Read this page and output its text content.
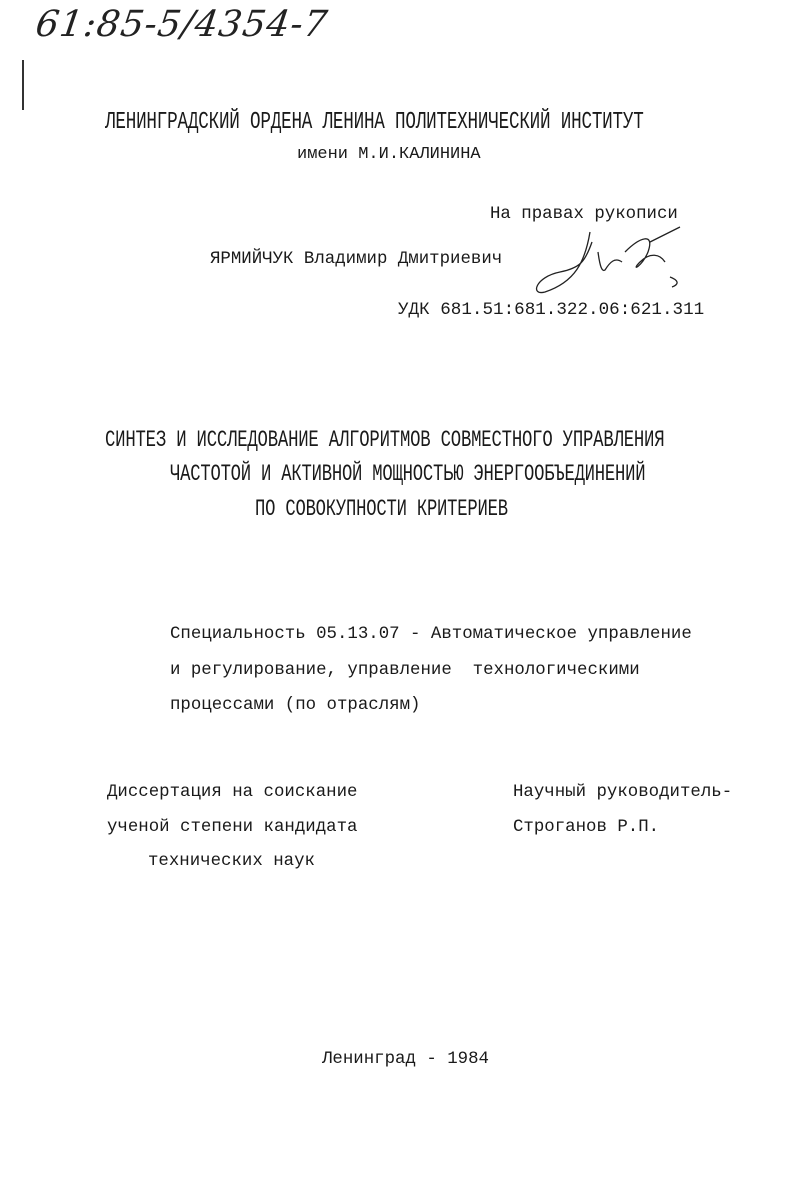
61:85-5/4354-7
ЛЕНИНГРАДСКИЙ ОРДЕНА ЛЕНИНА ПОЛИТЕХНИЧЕСКИЙ ИНСТИТУТ
имени М.И.КАЛИНИНА
На правах рукописи
ЯРМИЙЧУК Владимир Дмитриевич
УДК 681.51:681.322.06:621.311
СИНТЕЗ И ИССЛЕДОВАНИЕ АЛГОРИТМОВ СОВМЕСТНОГО УПРАВЛЕНИЯ
ЧАСТОТОЙ И АКТИВНОЙ МОЩНОСТЬЮ ЭНЕРГООБЪЕДИНЕНИЙ
ПО СОВОКУПНОСТИ КРИТЕРИЕВ
Специальность 05.13.07 - Автоматическое управление
и регулирование, управление  технологическими
процессами (по отраслям)
Диссертация на соискание
ученой степени кандидата
технических наук
Научный руководитель-
Строганов Р.П.
Ленинград - 1984
